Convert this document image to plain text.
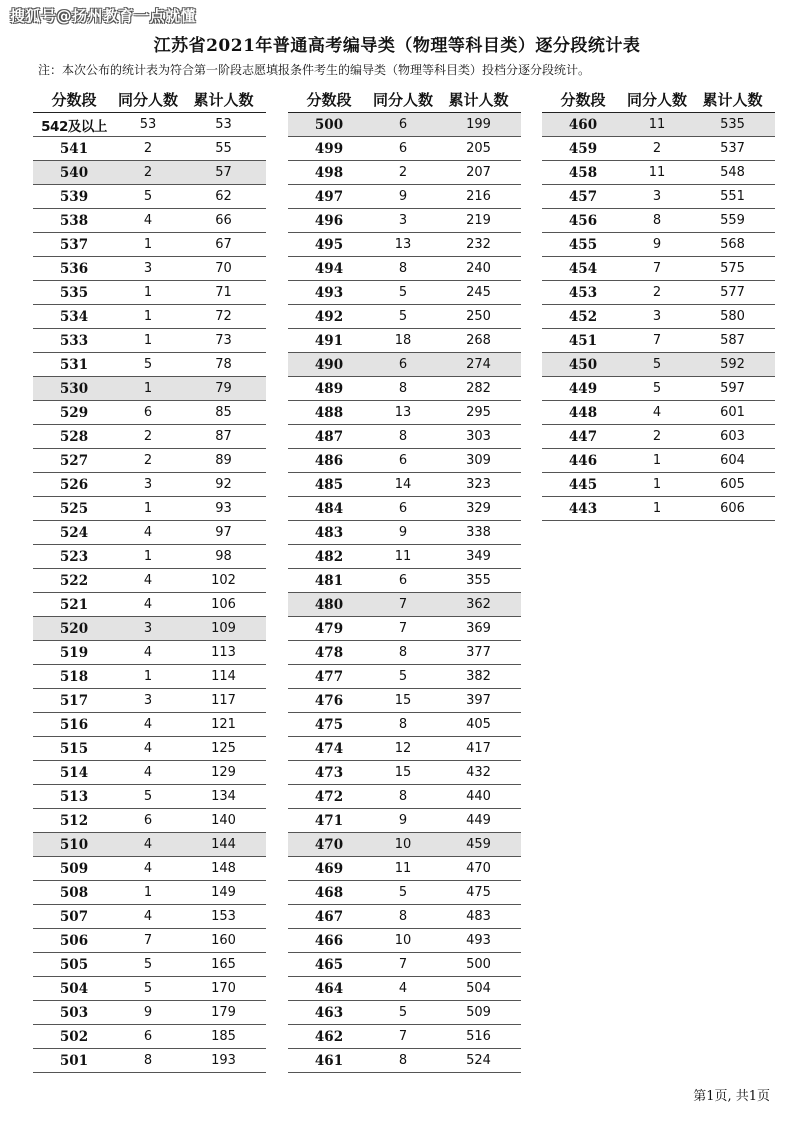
搜狐号@扬州教育一点就懂
江苏省2021年普通高考编导类（物理等科目类）逐分段统计表
注：本次公布的统计表为符合第一阶段志愿填报条件考生的编导类（物理等科目类）投档分逐分段统计。
分数段	同分人数	累计人数
542及以上	53	53
541	2	55
540	2	57
539	5	62
538	4	66
537	1	67
536	3	70
535	1	71
534	1	72
533	1	73
531	5	78
530	1	79
529	6	85
528	2	87
527	2	89
526	3	92
525	1	93
524	4	97
523	1	98
522	4	102
521	4	106
520	3	109
519	4	113
518	1	114
517	3	117
516	4	121
515	4	125
514	4	129
513	5	134
512	6	140
510	4	144
509	4	148
508	1	149
507	4	153
506	7	160
505	5	165
504	5	170
503	9	179
502	6	185
501	8	193
分数段	同分人数	累计人数
500	6	199
499	6	205
498	2	207
497	9	216
496	3	219
495	13	232
494	8	240
493	5	245
492	5	250
491	18	268
490	6	274
489	8	282
488	13	295
487	8	303
486	6	309
485	14	323
484	6	329
483	9	338
482	11	349
481	6	355
480	7	362
479	7	369
478	8	377
477	5	382
476	15	397
475	8	405
474	12	417
473	15	432
472	8	440
471	9	449
470	10	459
469	11	470
468	5	475
467	8	483
466	10	493
465	7	500
464	4	504
463	5	509
462	7	516
461	8	524
分数段	同分人数	累计人数
460	11	535
459	2	537
458	11	548
457	3	551
456	8	559
455	9	568
454	7	575
453	2	577
452	3	580
451	7	587
450	5	592
449	5	597
448	4	601
447	2	603
446	1	604
445	1	605
443	1	606
第1页, 共1页
